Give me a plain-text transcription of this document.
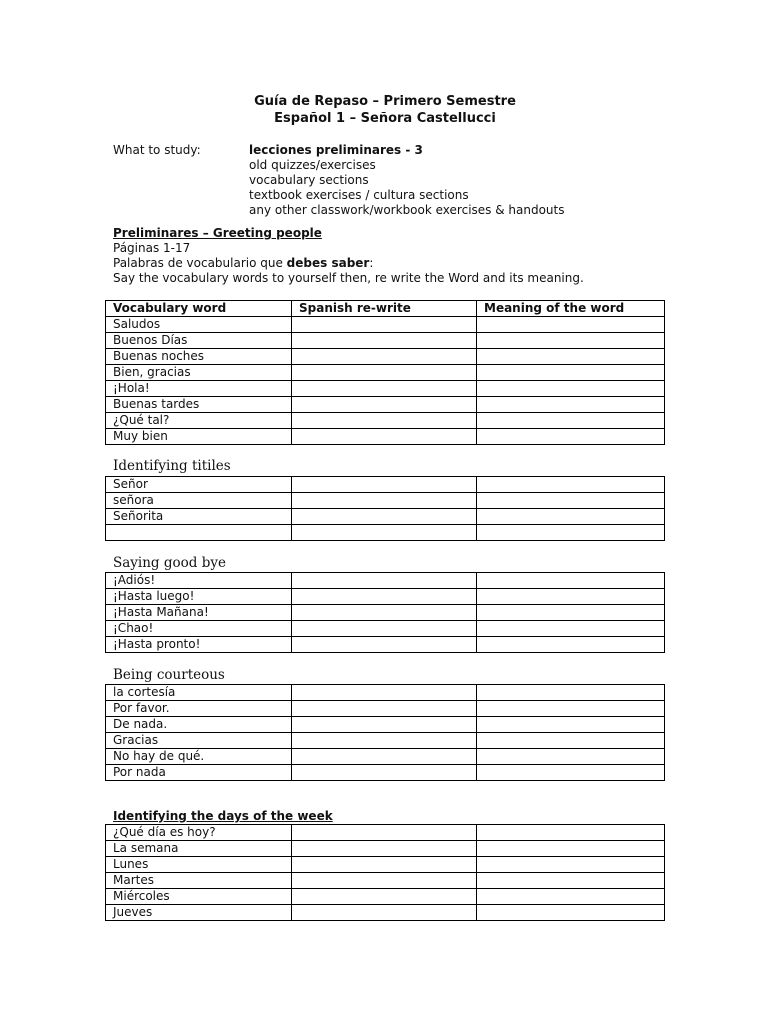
Guía de Repaso – Primero Semestre
Español 1 – Señora Castellucci
What to study:	lecciones preliminares - 3
old quizzes/exercises
vocabulary sections
textbook exercises / cultura sections
any other classwork/workbook exercises & handouts
Preliminares – Greeting people
Páginas 1-17
Palabras de vocabulario que debes saber:
Say the vocabulary words to yourself then, re write the Word and its meaning.
Vocabulary word	Spanish re-write	Meaning of the word
Saludos		
Buenos Días		
Buenas noches		
Bien, gracias		
¡Hola!		
Buenas tardes		
¿Qué tal?		
Muy bien		
Identifying titiles
Señor		
señora		
Señorita		

Saying good bye
¡Adiós!		
¡Hasta luego!		
¡Hasta Mañana!		
¡Chao!		
¡Hasta pronto!		
Being courteous
la cortesía		
Por favor.		
De nada.		
Gracias		
No hay de qué.		
Por nada		
Identifying the days of the week
¿Qué día es hoy?		
La semana		
Lunes		
Martes		
Miércoles		
Jueves		
